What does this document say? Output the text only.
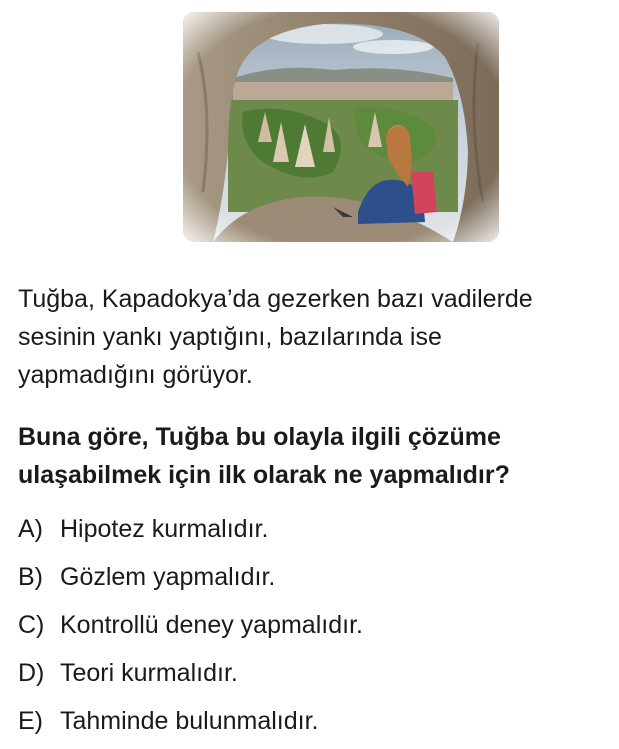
Tuğba, Kapadokya’da gezerken bazı vadilerde
sesinin yankı yaptığını, bazılarında ise
yapmadığını görüyor.

Buna göre, Tuğba bu olayla ilgili çözüme
ulaşabilmek için ilk olarak ne yapmalıdır?

A) Hipotez kurmalıdır.
B) Gözlem yapmalıdır.
C) Kontrollü deney yapmalıdır.
D) Teori kurmalıdır.
E) Tahminde bulunmalıdır.
